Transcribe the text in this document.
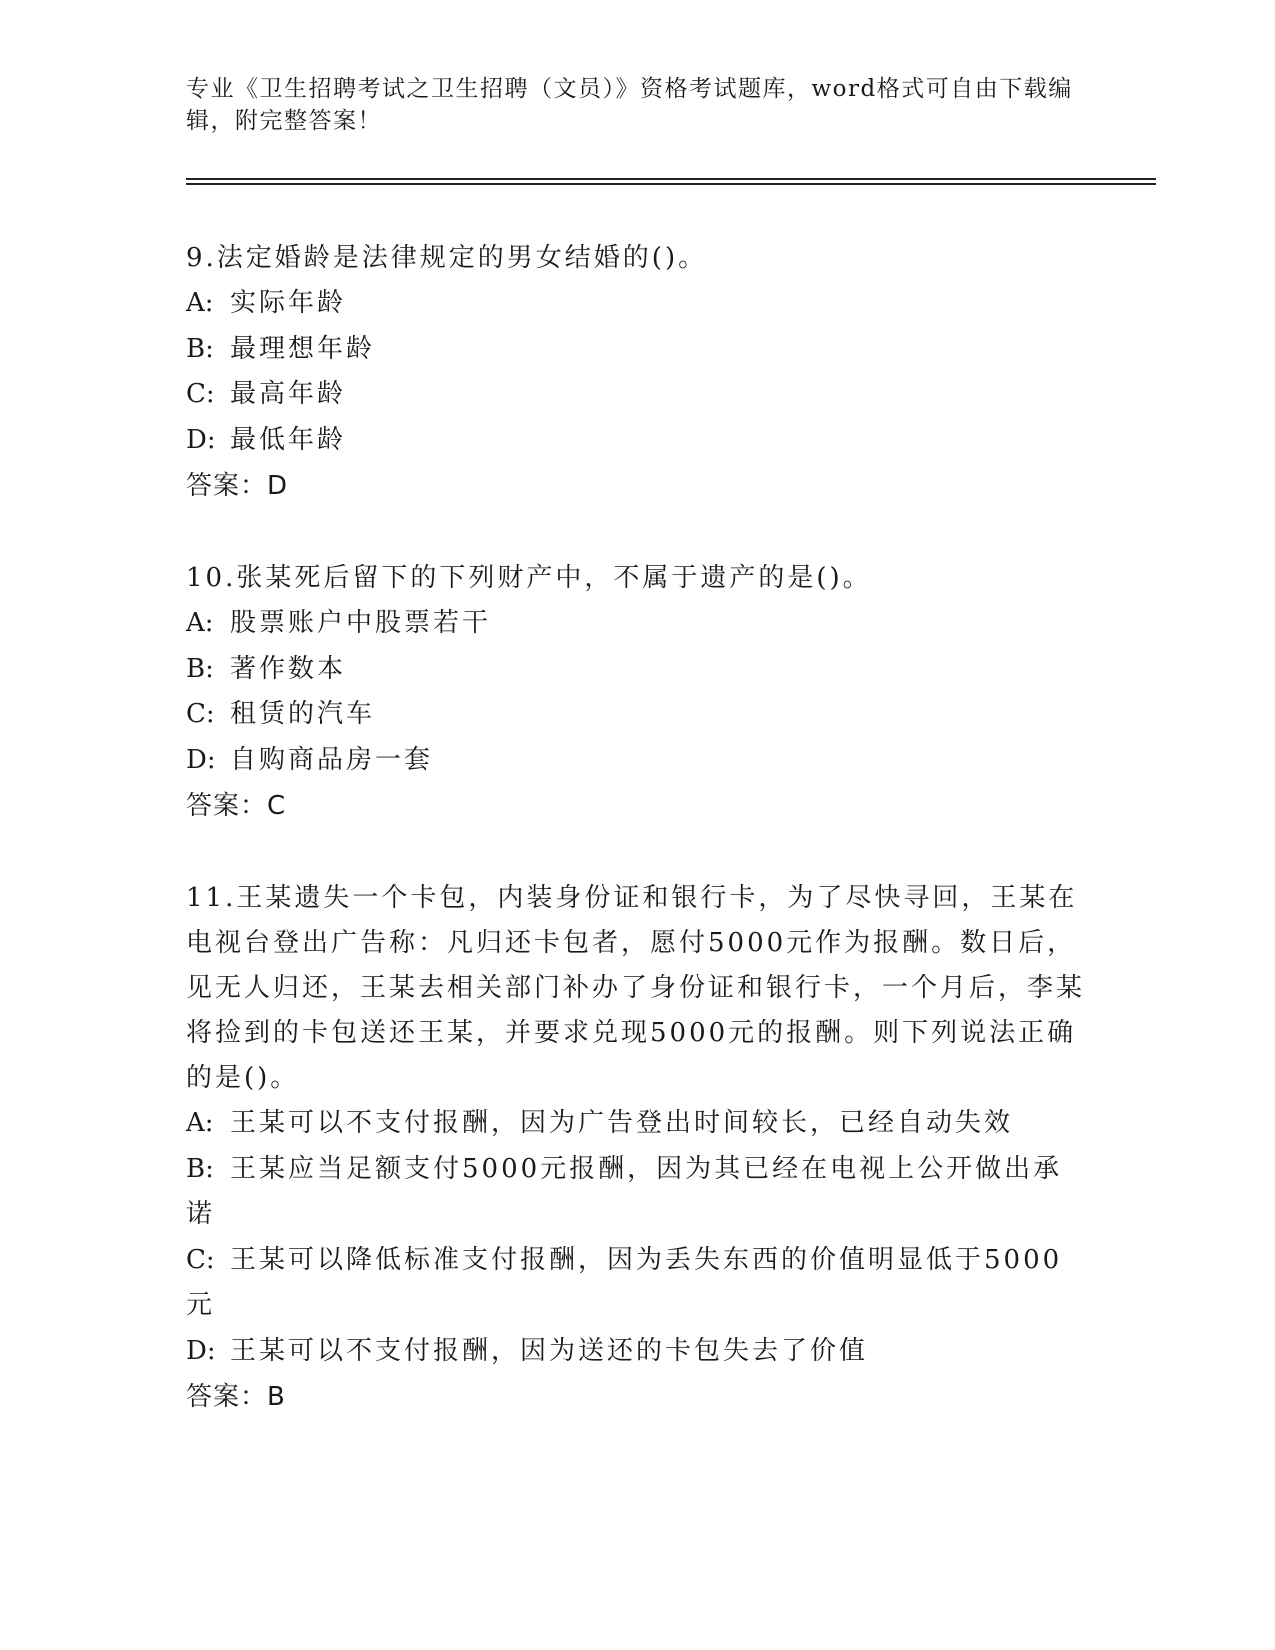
专业《卫生招聘考试之卫生招聘（文员）》资格考试题库，word格式可自由下载编辑，附完整答案！

9.法定婚龄是法律规定的男女结婚的()。

A: 实际年龄
B: 最理想年龄
C: 最高年龄
D: 最低年龄
答案：D

10.张某死后留下的下列财产中，不属于遗产的是()。

A: 股票账户中股票若干
B: 著作数本
C: 租赁的汽车
D: 自购商品房一套
答案：C

11.王某遗失一个卡包，内装身份证和银行卡，为了尽快寻回，王某在电视台登出广告称：凡归还卡包者，愿付5000元作为报酬。数日后，见无人归还，王某去相关部门补办了身份证和银行卡，一个月后，李某将捡到的卡包送还王某，并要求兑现5000元的报酬。则下列说法正确的是()。

A: 王某可以不支付报酬，因为广告登出时间较长，已经自动失效
B: 王某应当足额支付5000元报酬，因为其已经在电视上公开做出承诺
C: 王某可以降低标准支付报酬，因为丢失东西的价值明显低于5000元
D: 王某可以不支付报酬，因为送还的卡包失去了价值
答案：B
